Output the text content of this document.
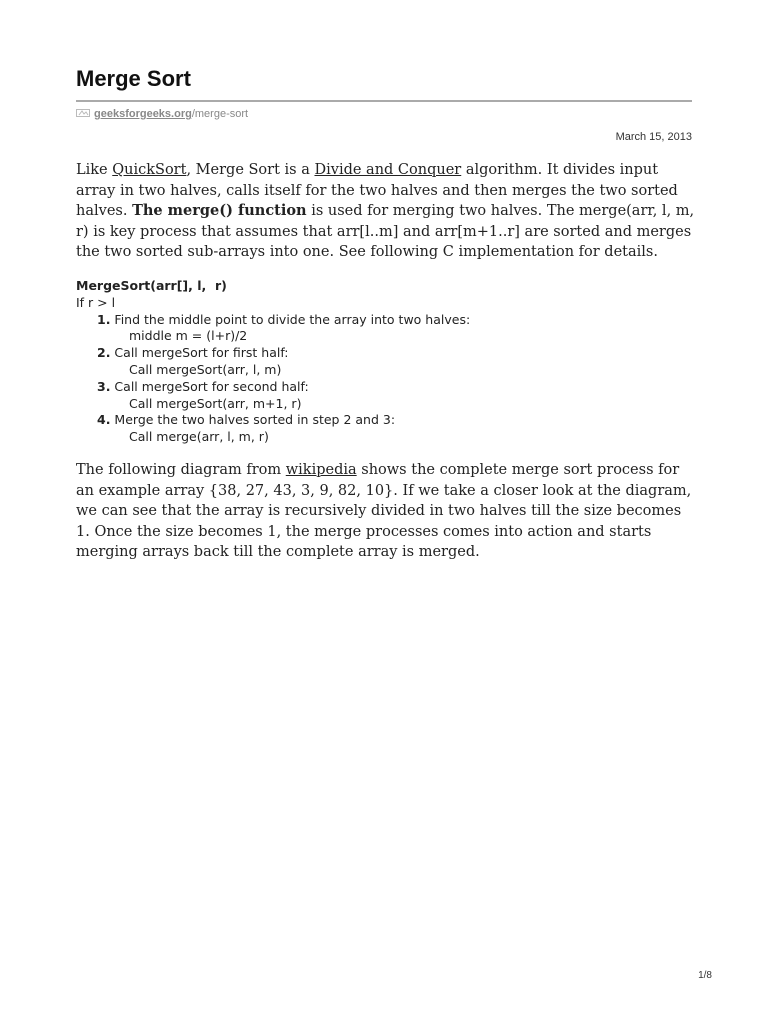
Merge Sort
geeksforgeeks.org/merge-sort
March 15, 2013

Like QuickSort, Merge Sort is a Divide and Conquer algorithm. It divides input array in two halves, calls itself for the two halves and then merges the two sorted halves. The merge() function is used for merging two halves. The merge(arr, l, m, r) is key process that assumes that arr[l..m] and arr[m+1..r] are sorted and merges the two sorted sub-arrays into one. See following C implementation for details.

MergeSort(arr[], l,  r)
If r > l
1. Find the middle point to divide the array into two halves:
middle m = (l+r)/2
2. Call mergeSort for first half:
Call mergeSort(arr, l, m)
3. Call mergeSort for second half:
Call mergeSort(arr, m+1, r)
4. Merge the two halves sorted in step 2 and 3:
Call merge(arr, l, m, r)

The following diagram from wikipedia shows the complete merge sort process for an example array {38, 27, 43, 3, 9, 82, 10}. If we take a closer look at the diagram, we can see that the array is recursively divided in two halves till the size becomes 1. Once the size becomes 1, the merge processes comes into action and starts merging arrays back till the complete array is merged.

1/8
